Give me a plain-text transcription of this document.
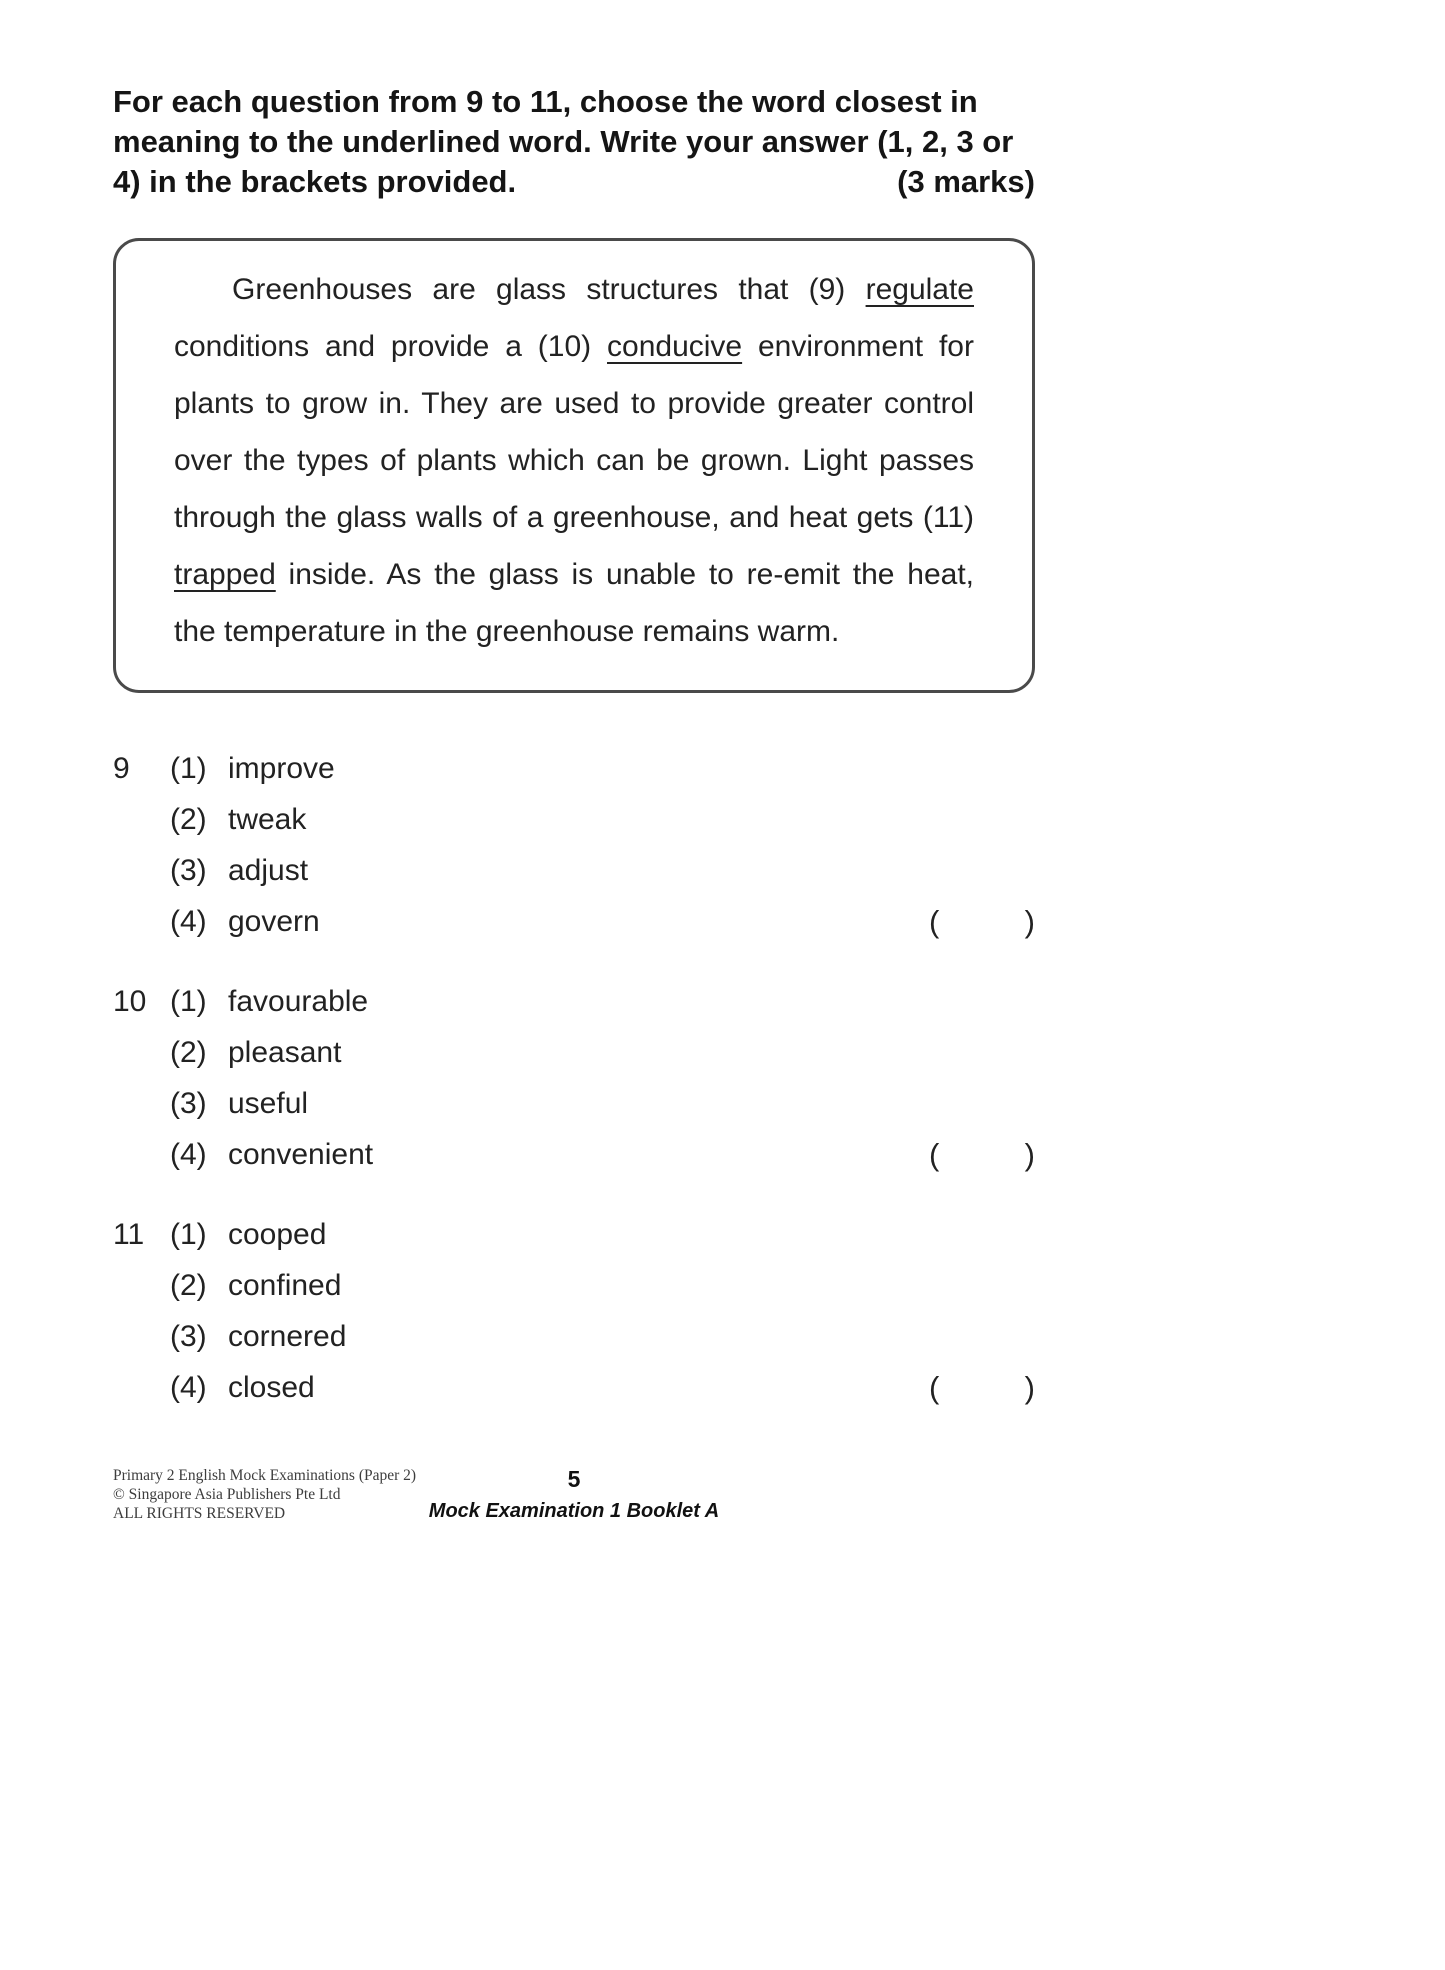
For each question from 9 to 11, choose the word closest in
meaning to the underlined word. Write your answer (1, 2, 3 or
4) in the brackets provided.	(3 marks)
Greenhouses are glass structures that (9) regulate conditions and provide a (10) conducive environment for plants to grow in. They are used to provide greater control over the types of plants which can be grown. Light passes through the glass walls of a greenhouse, and heat gets (11) trapped inside. As the glass is unable to re-emit the heat, the temperature in the greenhouse remains warm.
9	(1) improve
(2) tweak
(3) adjust
(4) govern	(	)
10 (1) favourable
(2) pleasant
(3) useful
(4) convenient	(	)
11 (1) cooped
(2) confined
(3) cornered
(4) closed	(	)
Primary 2 English Mock Examinations (Paper 2)
© Singapore Asia Publishers Pte Ltd
ALL RIGHTS RESERVED
5
Mock Examination 1 Booklet A
